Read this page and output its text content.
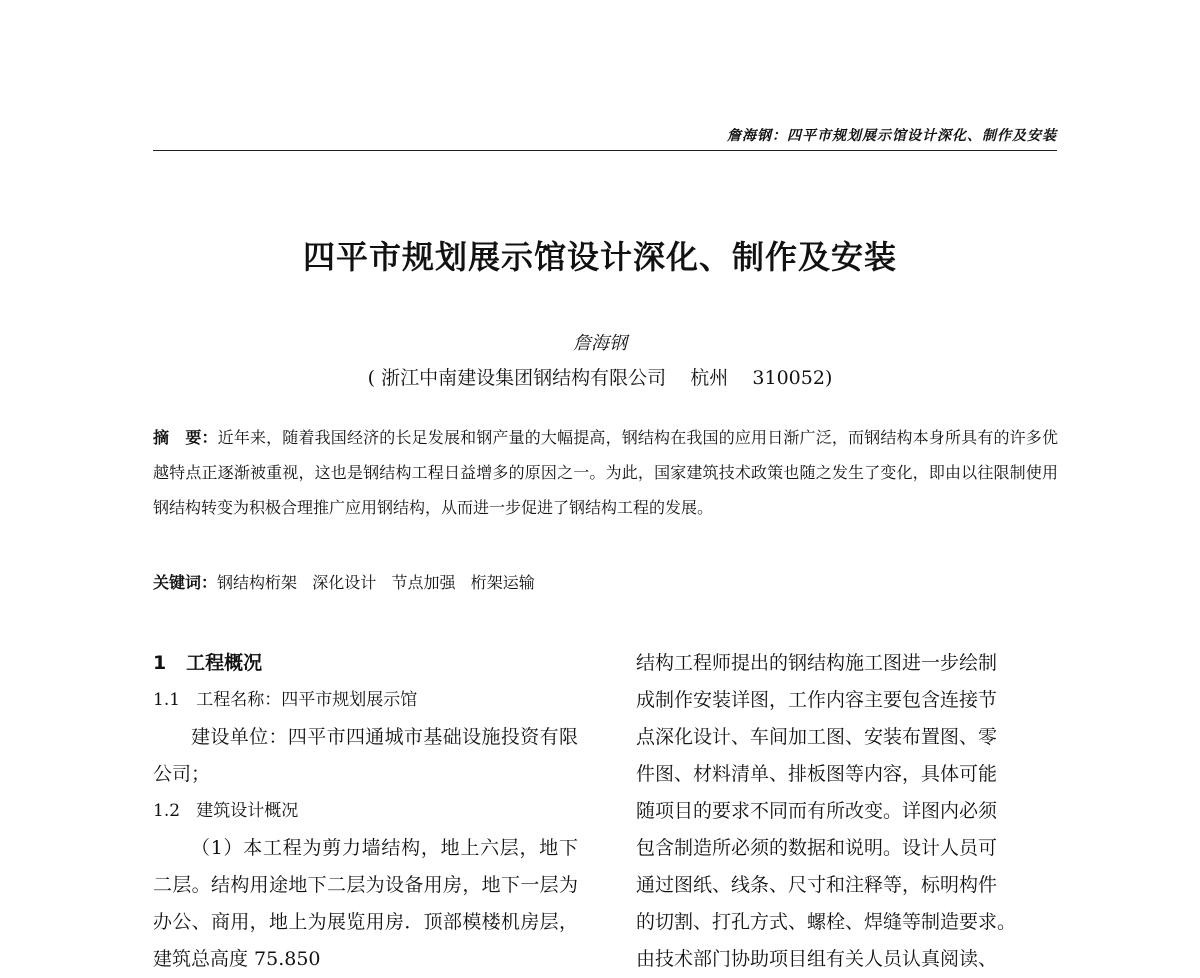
詹海钢：四平市规划展示馆设计深化、制作及安装
四平市规划展示馆设计深化、制作及安装
詹海钢
( 浙江中南建设集团钢结构有限公司    杭州    310052)
摘　要：近年来，随着我国经济的长足发展和钢产量的大幅提高，钢结构在我国的应用日渐广泛，而钢结构本身所具有的许多优越特点正逐渐被重视，这也是钢结构工程日益增多的原因之一。为此，国家建筑技术政策也随之发生了变化，即由以往限制使用钢结构转变为积极合理推广应用钢结构，从而进一步促进了钢结构工程的发展。
关键词：钢结构桁架   深化设计   节点加强   桁架运输
1   工程概况
1.1   工程名称：四平市规划展示馆
建设单位：四平市四通城市基础设施投资有限公司；
1.2   建筑设计概况
（1）本工程为剪力墙结构，地上六层，地下二层。结构用途地下二层为设备用房，地下一层为办公、商用，地上为展览用房．顶部模楼机房层，建筑总高度 75.850
结构工程师提出的钢结构施工图进一步绘制
成制作安装详图，工作内容主要包含连接节
点深化设计、车间加工图、安装布置图、零
件图、材料清单、排板图等内容，具体可能
随项目的要求不同而有所改变。详图内必须
包含制造所必须的数据和说明。设计人员可
通过图纸、线条、尺寸和注释等，标明构件
的切割、打孔方式、螺栓、焊缝等制造要求。
由技术部门协助项目组有关人员认真阅读、
